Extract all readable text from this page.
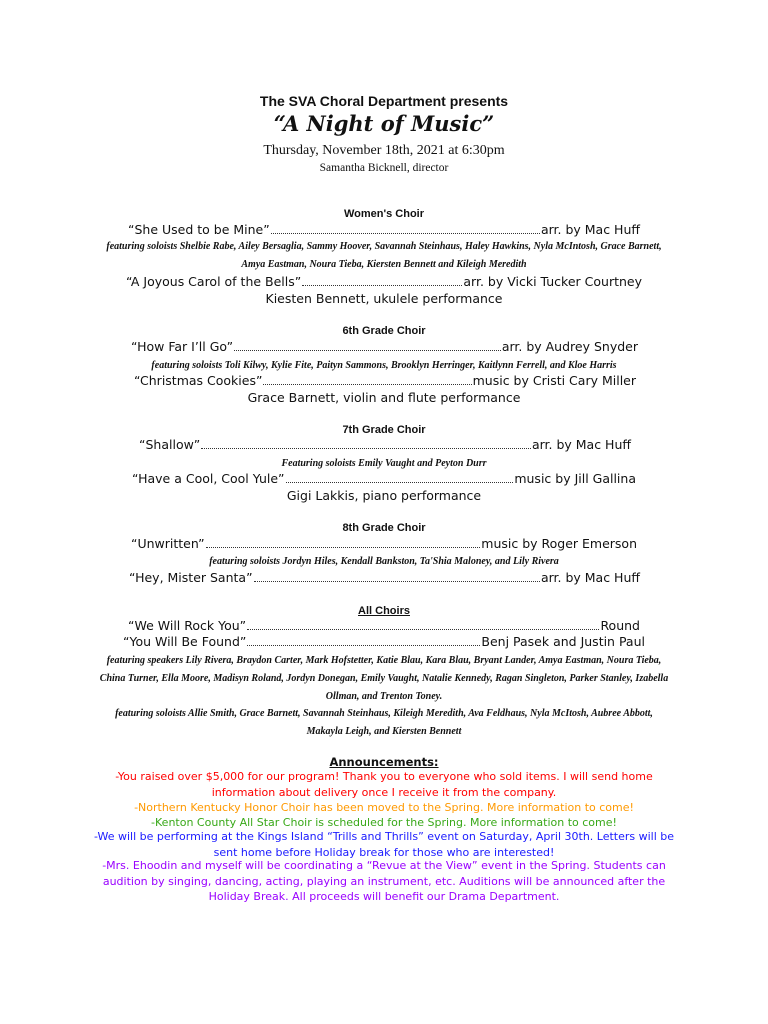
The SVA Choral Department presents
“A Night of Music”
Thursday, November 18th, 2021 at 6:30pm
Samantha Bicknell, director
Women's Choir
“She Used to be Mine”	arr. by Mac Huff
featuring soloists Shelbie Rabe, Ailey Bersaglia, Sammy Hoover, Savannah Steinhaus, Haley Hawkins, Nyla McIntosh, Grace Barnett, Amya Eastman, Noura Tieba, Kiersten Bennett and Kileigh Meredith
“A Joyous Carol of the Bells”	arr. by Vicki Tucker Courtney
Kiesten Bennett, ukulele performance
6th Grade Choir
“How Far I’ll Go”	arr. by Audrey Snyder
featuring soloists Toli Kilwy, Kylie Fite, Paityn Sammons, Brooklyn Herringer, Kaitlynn Ferrell, and Kloe Harris
“Christmas Cookies”	music by Cristi Cary Miller
Grace Barnett, violin and flute performance
7th Grade Choir
“Shallow”	arr. by Mac Huff
Featuring soloists Emily Vaught and Peyton Durr
“Have a Cool, Cool Yule”	music by Jill Gallina
Gigi Lakkis, piano performance
8th Grade Choir
“Unwritten”	music by Roger Emerson
featuring soloists Jordyn Hiles, Kendall Bankston, Ta'Shia Maloney, and Lily Rivera
“Hey, Mister Santa”	arr. by Mac Huff
All Choirs
“We Will Rock You”	Round
“You Will Be Found”	Benj Pasek and Justin Paul
featuring speakers Lily Rivera, Braydon Carter, Mark Hofstetter, Katie Blau, Kara Blau, Bryant Lander, Amya Eastman, Noura Tieba, China Turner, Ella Moore, Madisyn Roland, Jordyn Donegan, Emily Vaught, Natalie Kennedy, Ragan Singleton, Parker Stanley, Izabella Ollman, and Trenton Toney.
featuring soloists Allie Smith, Grace Barnett, Savannah Steinhaus, Kileigh Meredith, Ava Feldhaus, Nyla McItosh, Aubree Abbott, Makayla Leigh, and Kiersten Bennett
Announcements:
-You raised over $5,000 for our program! Thank you to everyone who sold items. I will send home information about delivery once I receive it from the company.
-Northern Kentucky Honor Choir has been moved to the Spring. More information to come!
-Kenton County All Star Choir is scheduled for the Spring. More information to come!
-We will be performing at the Kings Island “Trills and Thrills” event on Saturday, April 30th. Letters will be sent home before Holiday break for those who are interested!
-Mrs. Ehoodin and myself will be coordinating a “Revue at the View” event in the Spring. Students can audition by singing, dancing, acting, playing an instrument, etc. Auditions will be announced after the Holiday Break. All proceeds will benefit our Drama Department.
